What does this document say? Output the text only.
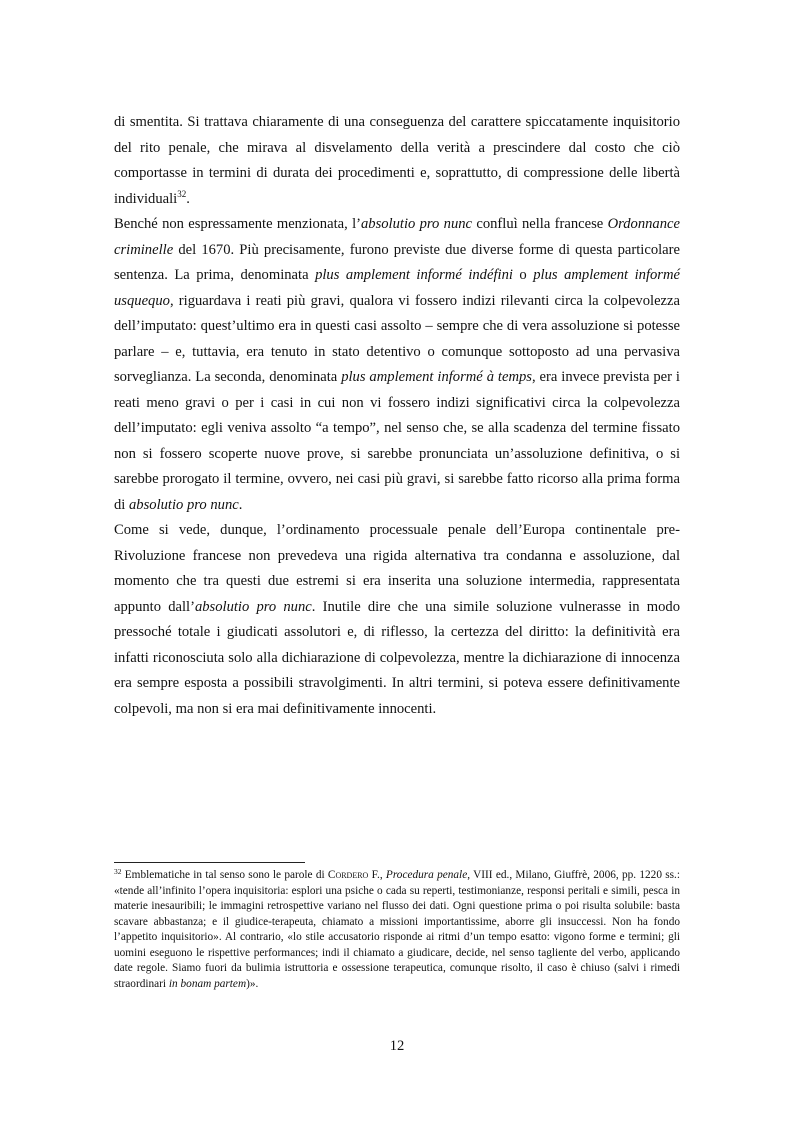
di smentita. Si trattava chiaramente di una conseguenza del carattere spiccatamente inquisitorio del rito penale, che mirava al disvelamento della verità a prescindere dal costo che ciò comportasse in termini di durata dei procedimenti e, soprattutto, di compressione delle libertà individuali$^{32}$.

Benché non espressamente menzionata, l’absolutio pro nunc confluì nella francese Ordonnance criminelle del 1670. Più precisamente, furono previste due diverse forme di questa particolare sentenza. La prima, denominata plus amplement informé indéfini o plus amplement informé usquequo, riguardava i reati più gravi, qualora vi fossero indizi rilevanti circa la colpevolezza dell’imputato: quest’ultimo era in questi casi assolto – sempre che di vera assoluzione si potesse parlare – e, tuttavia, era tenuto in stato detentivo o comunque sottoposto ad una pervasiva sorveglianza. La seconda, denominata plus amplement informé à temps, era invece prevista per i reati meno gravi o per i casi in cui non vi fossero indizi significativi circa la colpevolezza dell’imputato: egli veniva assolto “a tempo”, nel senso che, se alla scadenza del termine fissato non si fossero scoperte nuove prove, si sarebbe pronunciata un’assoluzione definitiva, o si sarebbe prorogato il termine, ovvero, nei casi più gravi, si sarebbe fatto ricorso alla prima forma di absolutio pro nunc.

Come si vede, dunque, l’ordinamento processuale penale dell’Europa continentale pre-Rivoluzione francese non prevedeva una rigida alternativa tra condanna e assoluzione, dal momento che tra questi due estremi si era inserita una soluzione intermedia, rappresentata appunto dall’absolutio pro nunc. Inutile dire che una simile soluzione vulnerasse in modo pressoché totale i giudicati assolutori e, di riflesso, la certezza del diritto: la definitività era infatti riconosciuta solo alla dichiarazione di colpevolezza, mentre la dichiarazione di innocenza era sempre esposta a possibili stravolgimenti. In altri termini, si poteva essere definitivamente colpevoli, ma non si era mai definitivamente innocenti.

$^{32}$ Emblematiche in tal senso sono le parole di Cordero F., Procedura penale, VIII ed., Milano, Giuffrè, 2006, pp. 1220 ss.: «tende all’infinito l’opera inquisitoria: esplori una psiche o cada su reperti, testimonianze, responsi peritali e simili, pesca in materie inesauribili; le immagini retrospettive variano nel flusso dei dati. Ogni questione prima o poi risulta solubile: basta scavare abbastanza; e il giudice-terapeuta, chiamato a missioni importantissime, aborre gli insuccessi. Non ha fondo l’appetito inquisitorio». Al contrario, «lo stile accusatorio risponde ai ritmi d’un tempo esatto: vigono forme e termini; gli uomini eseguono le rispettive performances; indi il chiamato a giudicare, decide, nel senso tagliente del verbo, applicando date regole. Siamo fuori da bulimia istruttoria e ossessione terapeutica, comunque risolto, il caso è chiuso (salvi i rimedi straordinari in bonam partem)».
12
